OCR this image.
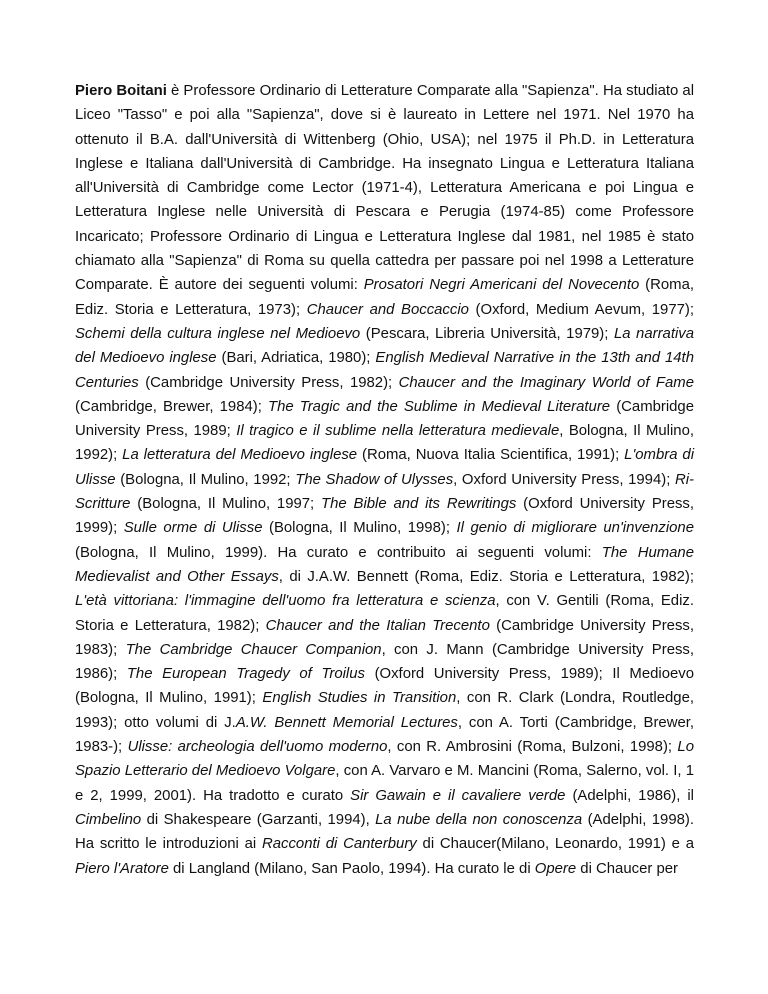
Piero Boitani è Professore Ordinario di Letterature Comparate alla "Sapienza". Ha studiato al Liceo "Tasso" e poi alla "Sapienza", dove si è laureato in Lettere nel 1971. Nel 1970 ha ottenuto il B.A. dall'Università di Wittenberg (Ohio, USA); nel 1975 il Ph.D. in Letteratura Inglese e Italiana dall'Università di Cambridge. Ha insegnato Lingua e Letteratura Italiana all'Università di Cambridge come Lector (1971-4), Letteratura Americana e poi Lingua e Letteratura Inglese nelle Università di Pescara e Perugia (1974-85) come Professore Incaricato; Professore Ordinario di Lingua e Letteratura Inglese dal 1981, nel 1985 è stato chiamato alla "Sapienza" di Roma su quella cattedra per passare poi nel 1998 a Letterature Comparate. È autore dei seguenti volumi: Prosatori Negri Americani del Novecento (Roma, Ediz. Storia e Letteratura, 1973); Chaucer and Boccaccio (Oxford, Medium Aevum, 1977); Schemi della cultura inglese nel Medioevo (Pescara, Libreria Università, 1979); La narrativa del Medioevo inglese (Bari, Adriatica, 1980); English Medieval Narrative in the 13th and 14th Centuries (Cambridge University Press, 1982); Chaucer and the Imaginary World of Fame (Cambridge, Brewer, 1984); The Tragic and the Sublime in Medieval Literature (Cambridge University Press, 1989; Il tragico e il sublime nella letteratura medievale, Bologna, Il Mulino, 1992); La letteratura del Medioevo inglese (Roma, Nuova Italia Scientifica, 1991); L'ombra di Ulisse (Bologna, Il Mulino, 1992; The Shadow of Ulysses, Oxford University Press, 1994); Ri-Scritture (Bologna, Il Mulino, 1997; The Bible and its Rewritings (Oxford University Press, 1999); Sulle orme di Ulisse (Bologna, Il Mulino, 1998); Il genio di migliorare un'invenzione (Bologna, Il Mulino, 1999). Ha curato e contribuito ai seguenti volumi: The Humane Medievalist and Other Essays, di J.A.W. Bennett (Roma, Ediz. Storia e Letteratura, 1982); L'età vittoriana: l'immagine dell'uomo fra letteratura e scienza, con V. Gentili (Roma, Ediz. Storia e Letteratura, 1982); Chaucer and the Italian Trecento (Cambridge University Press, 1983); The Cambridge Chaucer Companion, con J. Mann (Cambridge University Press, 1986); The European Tragedy of Troilus (Oxford University Press, 1989); Il Medioevo (Bologna, Il Mulino, 1991); English Studies in Transition, con R. Clark (Londra, Routledge, 1993); otto volumi di J.A.W. Bennett Memorial Lectures, con A. Torti (Cambridge, Brewer, 1983-); Ulisse: archeologia dell'uomo moderno, con R. Ambrosini (Roma, Bulzoni, 1998); Lo Spazio Letterario del Medioevo Volgare, con A. Varvaro e M. Mancini (Roma, Salerno, vol. I, 1 e 2, 1999, 2001). Ha tradotto e curato Sir Gawain e il cavaliere verde (Adelphi, 1986), il Cimbelino di Shakespeare (Garzanti, 1994), La nube della non conoscenza (Adelphi, 1998). Ha scritto le introduzioni ai Racconti di Canterbury di Chaucer(Milano, Leonardo, 1991) e a Piero l'Aratore di Langland (Milano, San Paolo, 1994). Ha curato le di Opere di Chaucer per
